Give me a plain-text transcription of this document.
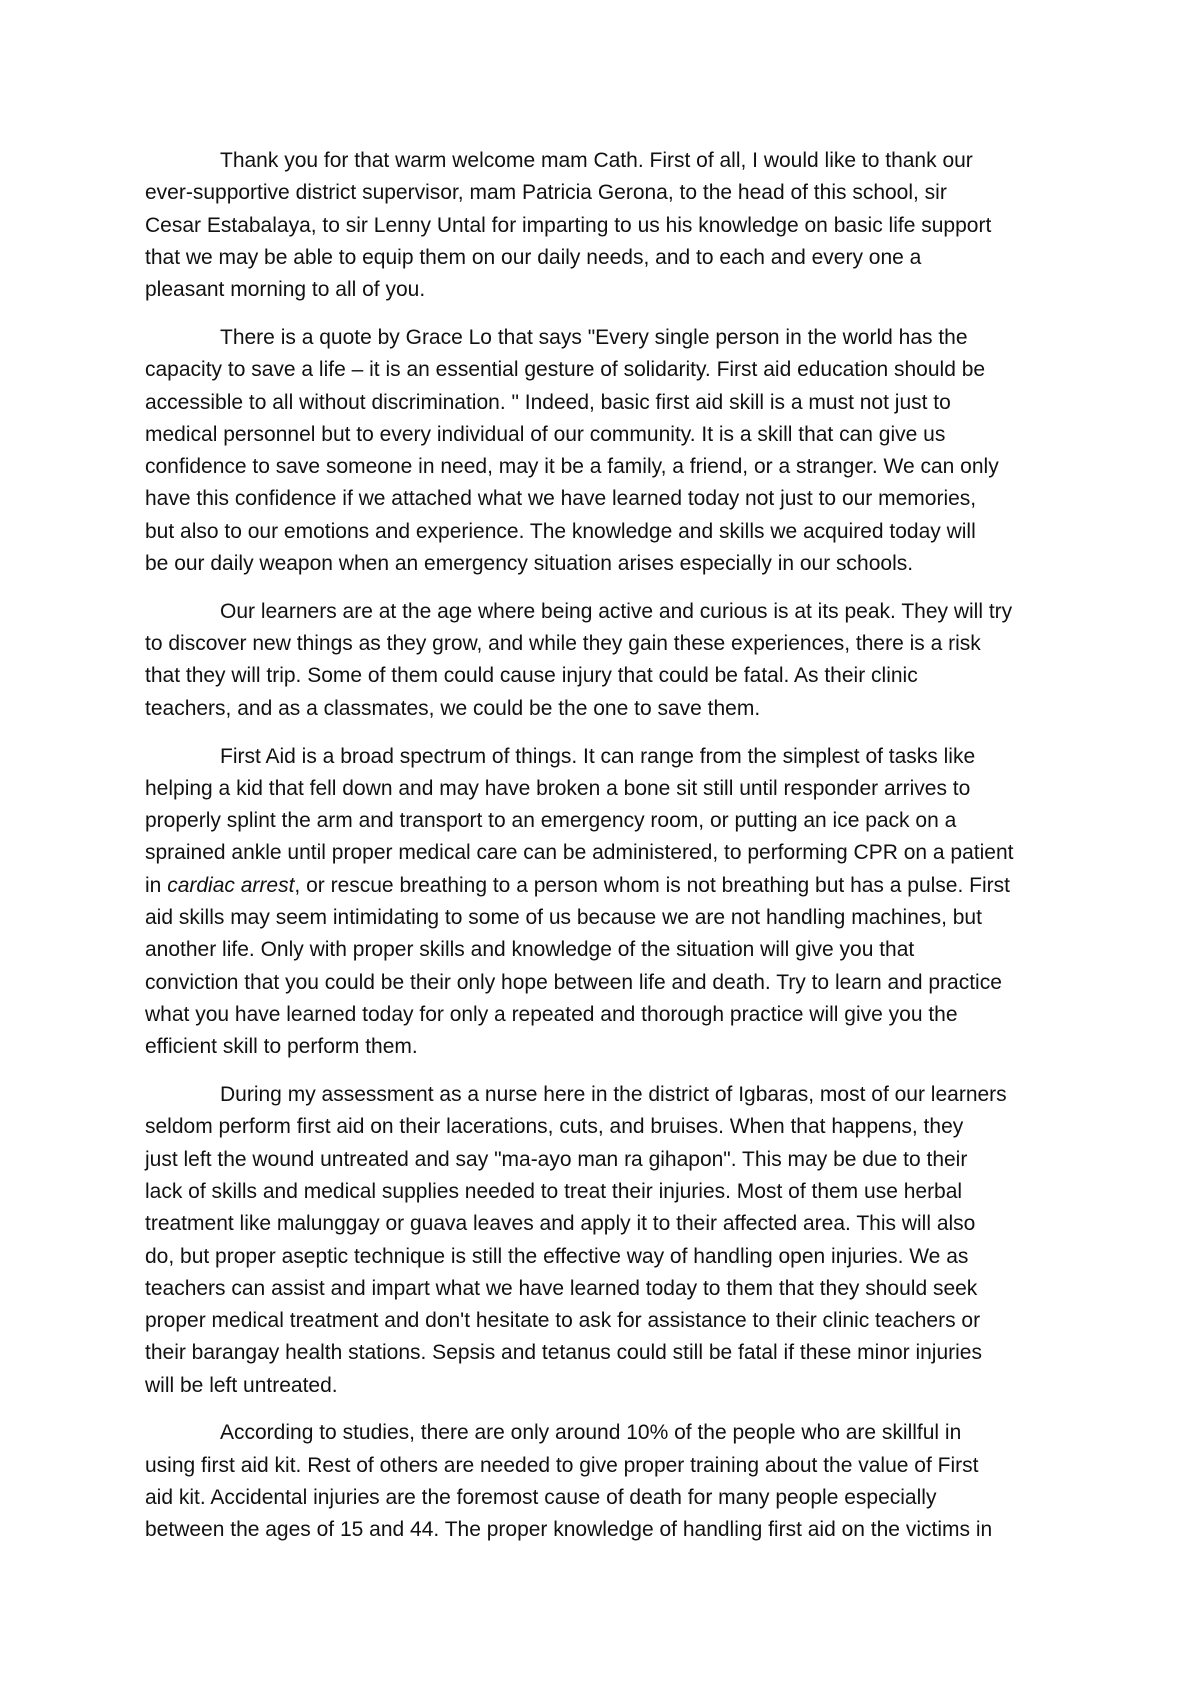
Thank you for that warm welcome mam Cath. First of all, I would like to thank our
ever-supportive district supervisor, mam Patricia Gerona, to the head of this school, sir
Cesar Estabalaya, to sir Lenny Untal for imparting to us his knowledge on basic life support
that we may be able to equip them on our daily needs, and to each and every one a
pleasant morning to all of you.
There is a quote by Grace Lo that says "Every single person in the world has the
capacity to save a life – it is an essential gesture of solidarity. First aid education should be
accessible to all without discrimination. " Indeed, basic first aid skill is a must not just to
medical personnel but to every individual of our community. It is a skill that can give us
confidence to save someone in need, may it be a family, a friend, or a stranger. We can only
have this confidence if we attached what we have learned today not just to our memories,
but also to our emotions and experience. The knowledge and skills we acquired today will
be our daily weapon when an emergency situation arises especially in our schools.
Our learners are at the age where being active and curious is at its peak. They will try
to discover new things as they grow, and while they gain these experiences, there is a risk
that they will trip. Some of them could cause injury that could be fatal. As their clinic
teachers, and as a classmates, we could be the one to save them.
First Aid is a broad spectrum of things. It can range from the simplest of tasks like
helping a kid that fell down and may have broken a bone sit still until responder arrives to
properly splint the arm and transport to an emergency room, or putting an ice pack on a
sprained ankle until proper medical care can be administered, to performing CPR on a patient
in cardiac arrest, or rescue breathing to a person whom is not breathing but has a pulse. First
aid skills may seem intimidating to some of us because we are not handling machines, but
another life. Only with proper skills and knowledge of the situation will give you that
conviction that you could be their only hope between life and death. Try to learn and practice
what you have learned today for only a repeated and thorough practice will give you the
efficient skill to perform them.
During my assessment as a nurse here in the district of Igbaras, most of our learners
seldom perform first aid on their lacerations, cuts, and bruises. When that happens, they
just left the wound untreated and say "ma-ayo man ra gihapon". This may be due to their
lack of skills and medical supplies needed to treat their injuries. Most of them use herbal
treatment like malunggay or guava leaves and apply it to their affected area. This will also
do, but proper aseptic technique is still the effective way of handling open injuries. We as
teachers can assist and impart what we have learned today to them that they should seek
proper medical treatment and don't hesitate to ask for assistance to their clinic teachers or
their barangay health stations. Sepsis and tetanus could still be fatal if these minor injuries
will be left untreated.
According to studies, there are only around 10% of the people who are skillful in
using first aid kit. Rest of others are needed to give proper training about the value of First
aid kit. Accidental injuries are the foremost cause of death for many people especially
between the ages of 15 and 44. The proper knowledge of handling first aid on the victims in
